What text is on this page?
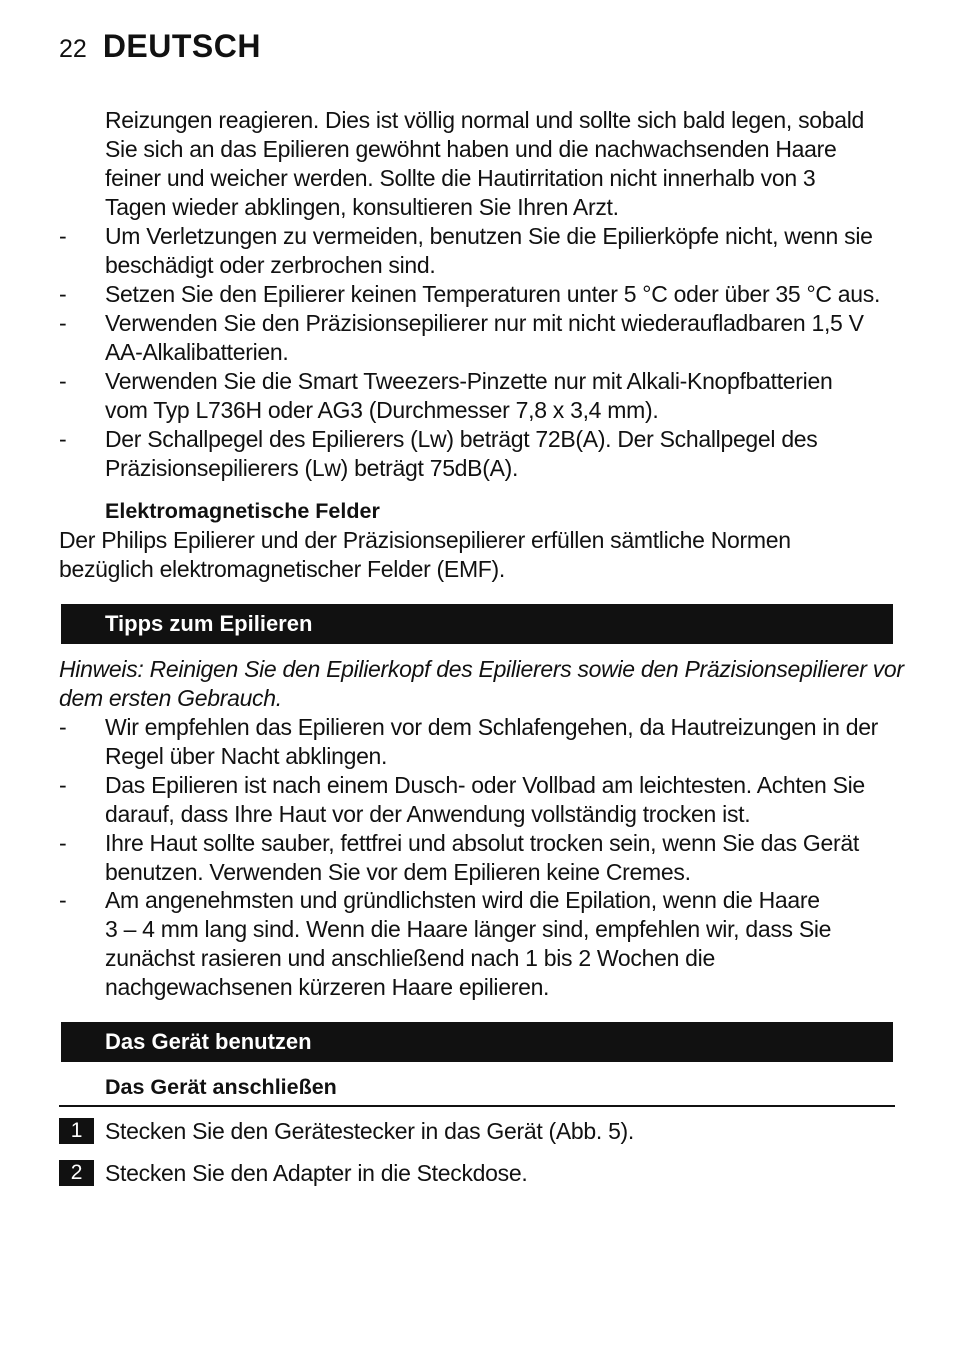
22 DEUTSCH
Reizungen reagieren. Dies ist völlig normal und sollte sich bald legen, sobald
Sie sich an das Epilieren gewöhnt haben und die nachwachsenden Haare
feiner und weicher werden. Sollte die Hautirritation nicht innerhalb von 3
Tagen wieder abklingen, konsultieren Sie Ihren Arzt.
-	Um Verletzungen zu vermeiden, benutzen Sie die Epilierköpfe nicht, wenn sie
beschädigt oder zerbrochen sind.
-	Setzen Sie den Epilierer keinen Temperaturen unter 5 °C oder über 35 °C aus.
-	Verwenden Sie den Präzisionsepilierer nur mit nicht wiederaufladbaren 1,5 V
AA-Alkalibatterien.
-	Verwenden Sie die Smart Tweezers-Pinzette nur mit Alkali-Knopfbatterien
vom Typ L736H oder AG3 (Durchmesser 7,8 x 3,4 mm).
-	Der Schallpegel des Epilierers (Lw) beträgt 72B(A). Der Schallpegel des
Präzisionsepilierers (Lw) beträgt 75dB(A).
Elektromagnetische Felder
Der Philips Epilierer und der Präzisionsepilierer erfüllen sämtliche Normen
bezüglich elektromagnetischer Felder (EMF).
Tipps zum Epilieren
Hinweis: Reinigen Sie den Epilierkopf des Epilierers sowie den Präzisionsepilierer vor
dem ersten Gebrauch.
-	Wir empfehlen das Epilieren vor dem Schlafengehen, da Hautreizungen in der
Regel über Nacht abklingen.
-	Das Epilieren ist nach einem Dusch- oder Vollbad am leichtesten. Achten Sie
darauf, dass Ihre Haut vor der Anwendung vollständig trocken ist.
-	Ihre Haut sollte sauber, fettfrei und absolut trocken sein, wenn Sie das Gerät
benutzen. Verwenden Sie vor dem Epilieren keine Cremes.
-	Am angenehmsten und gründlichsten wird die Epilation, wenn die Haare
3 – 4 mm lang sind. Wenn die Haare länger sind, empfehlen wir, dass Sie
zunächst rasieren und anschließend nach 1 bis 2 Wochen die
nachgewachsenen kürzeren Haare epilieren.
Das Gerät benutzen
Das Gerät anschließen
1 Stecken Sie den Gerätestecker in das Gerät (Abb. 5).
2 Stecken Sie den Adapter in die Steckdose.
